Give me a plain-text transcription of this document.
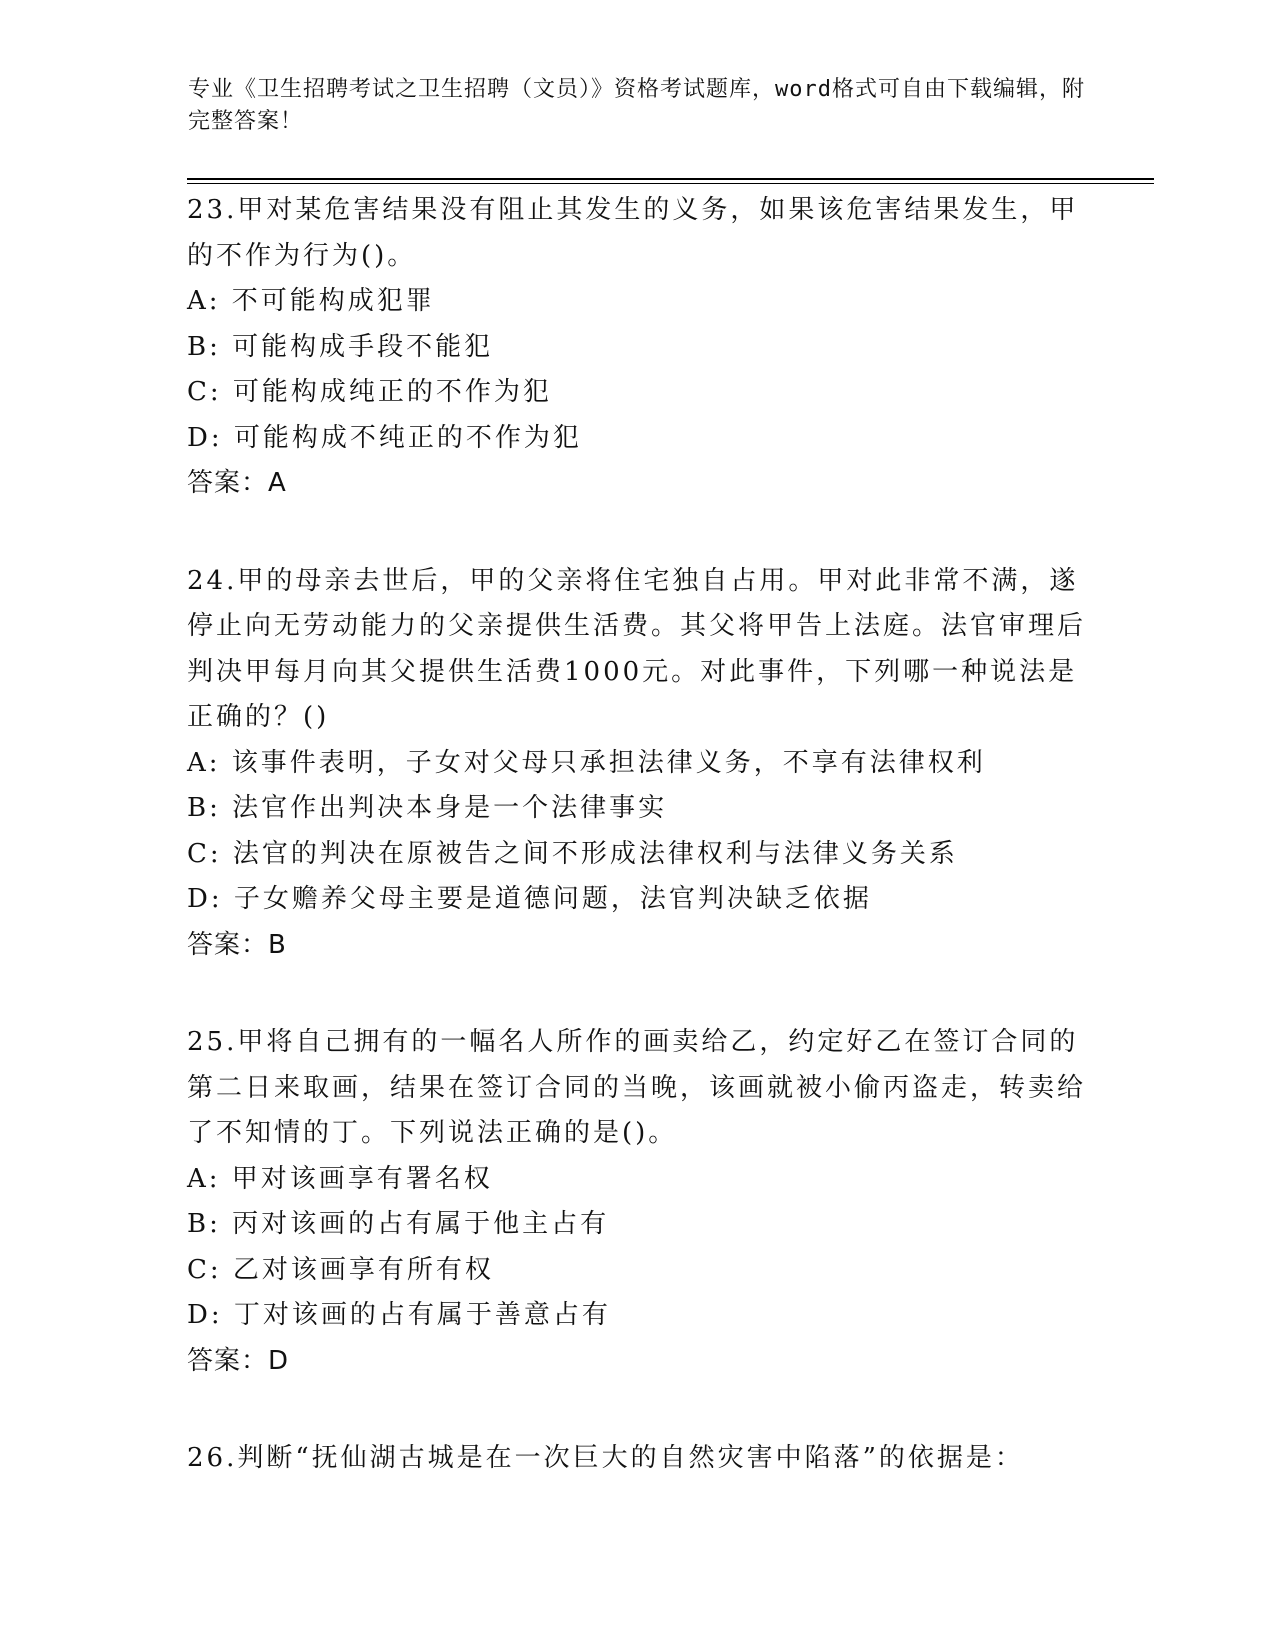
专业《卫生招聘考试之卫生招聘（文员）》资格考试题库，word格式可自由下载编辑，附完整答案！

23.甲对某危害结果没有阻止其发生的义务，如果该危害结果发生，甲的不作为行为()。

A: 不可能构成犯罪

B: 可能构成手段不能犯

C: 可能构成纯正的不作为犯

D: 可能构成不纯正的不作为犯

答案：A

24.甲的母亲去世后，甲的父亲将住宅独自占用。甲对此非常不满，遂停止向无劳动能力的父亲提供生活费。其父将甲告上法庭。法官审理后判决甲每月向其父提供生活费1000元。对此事件，下列哪一种说法是正确的？()

A: 该事件表明，子女对父母只承担法律义务，不享有法律权利

B: 法官作出判决本身是一个法律事实

C: 法官的判决在原被告之间不形成法律权利与法律义务关系

D: 子女赡养父母主要是道德问题，法官判决缺乏依据

答案：B

25.甲将自己拥有的一幅名人所作的画卖给乙，约定好乙在签订合同的第二日来取画，结果在签订合同的当晚，该画就被小偷丙盗走，转卖给了不知情的丁。下列说法正确的是()。

A: 甲对该画享有署名权

B: 丙对该画的占有属于他主占有

C: 乙对该画享有所有权

D: 丁对该画的占有属于善意占有

答案：D

26.判断“抚仙湖古城是在一次巨大的自然灾害中陷落”的依据是：
